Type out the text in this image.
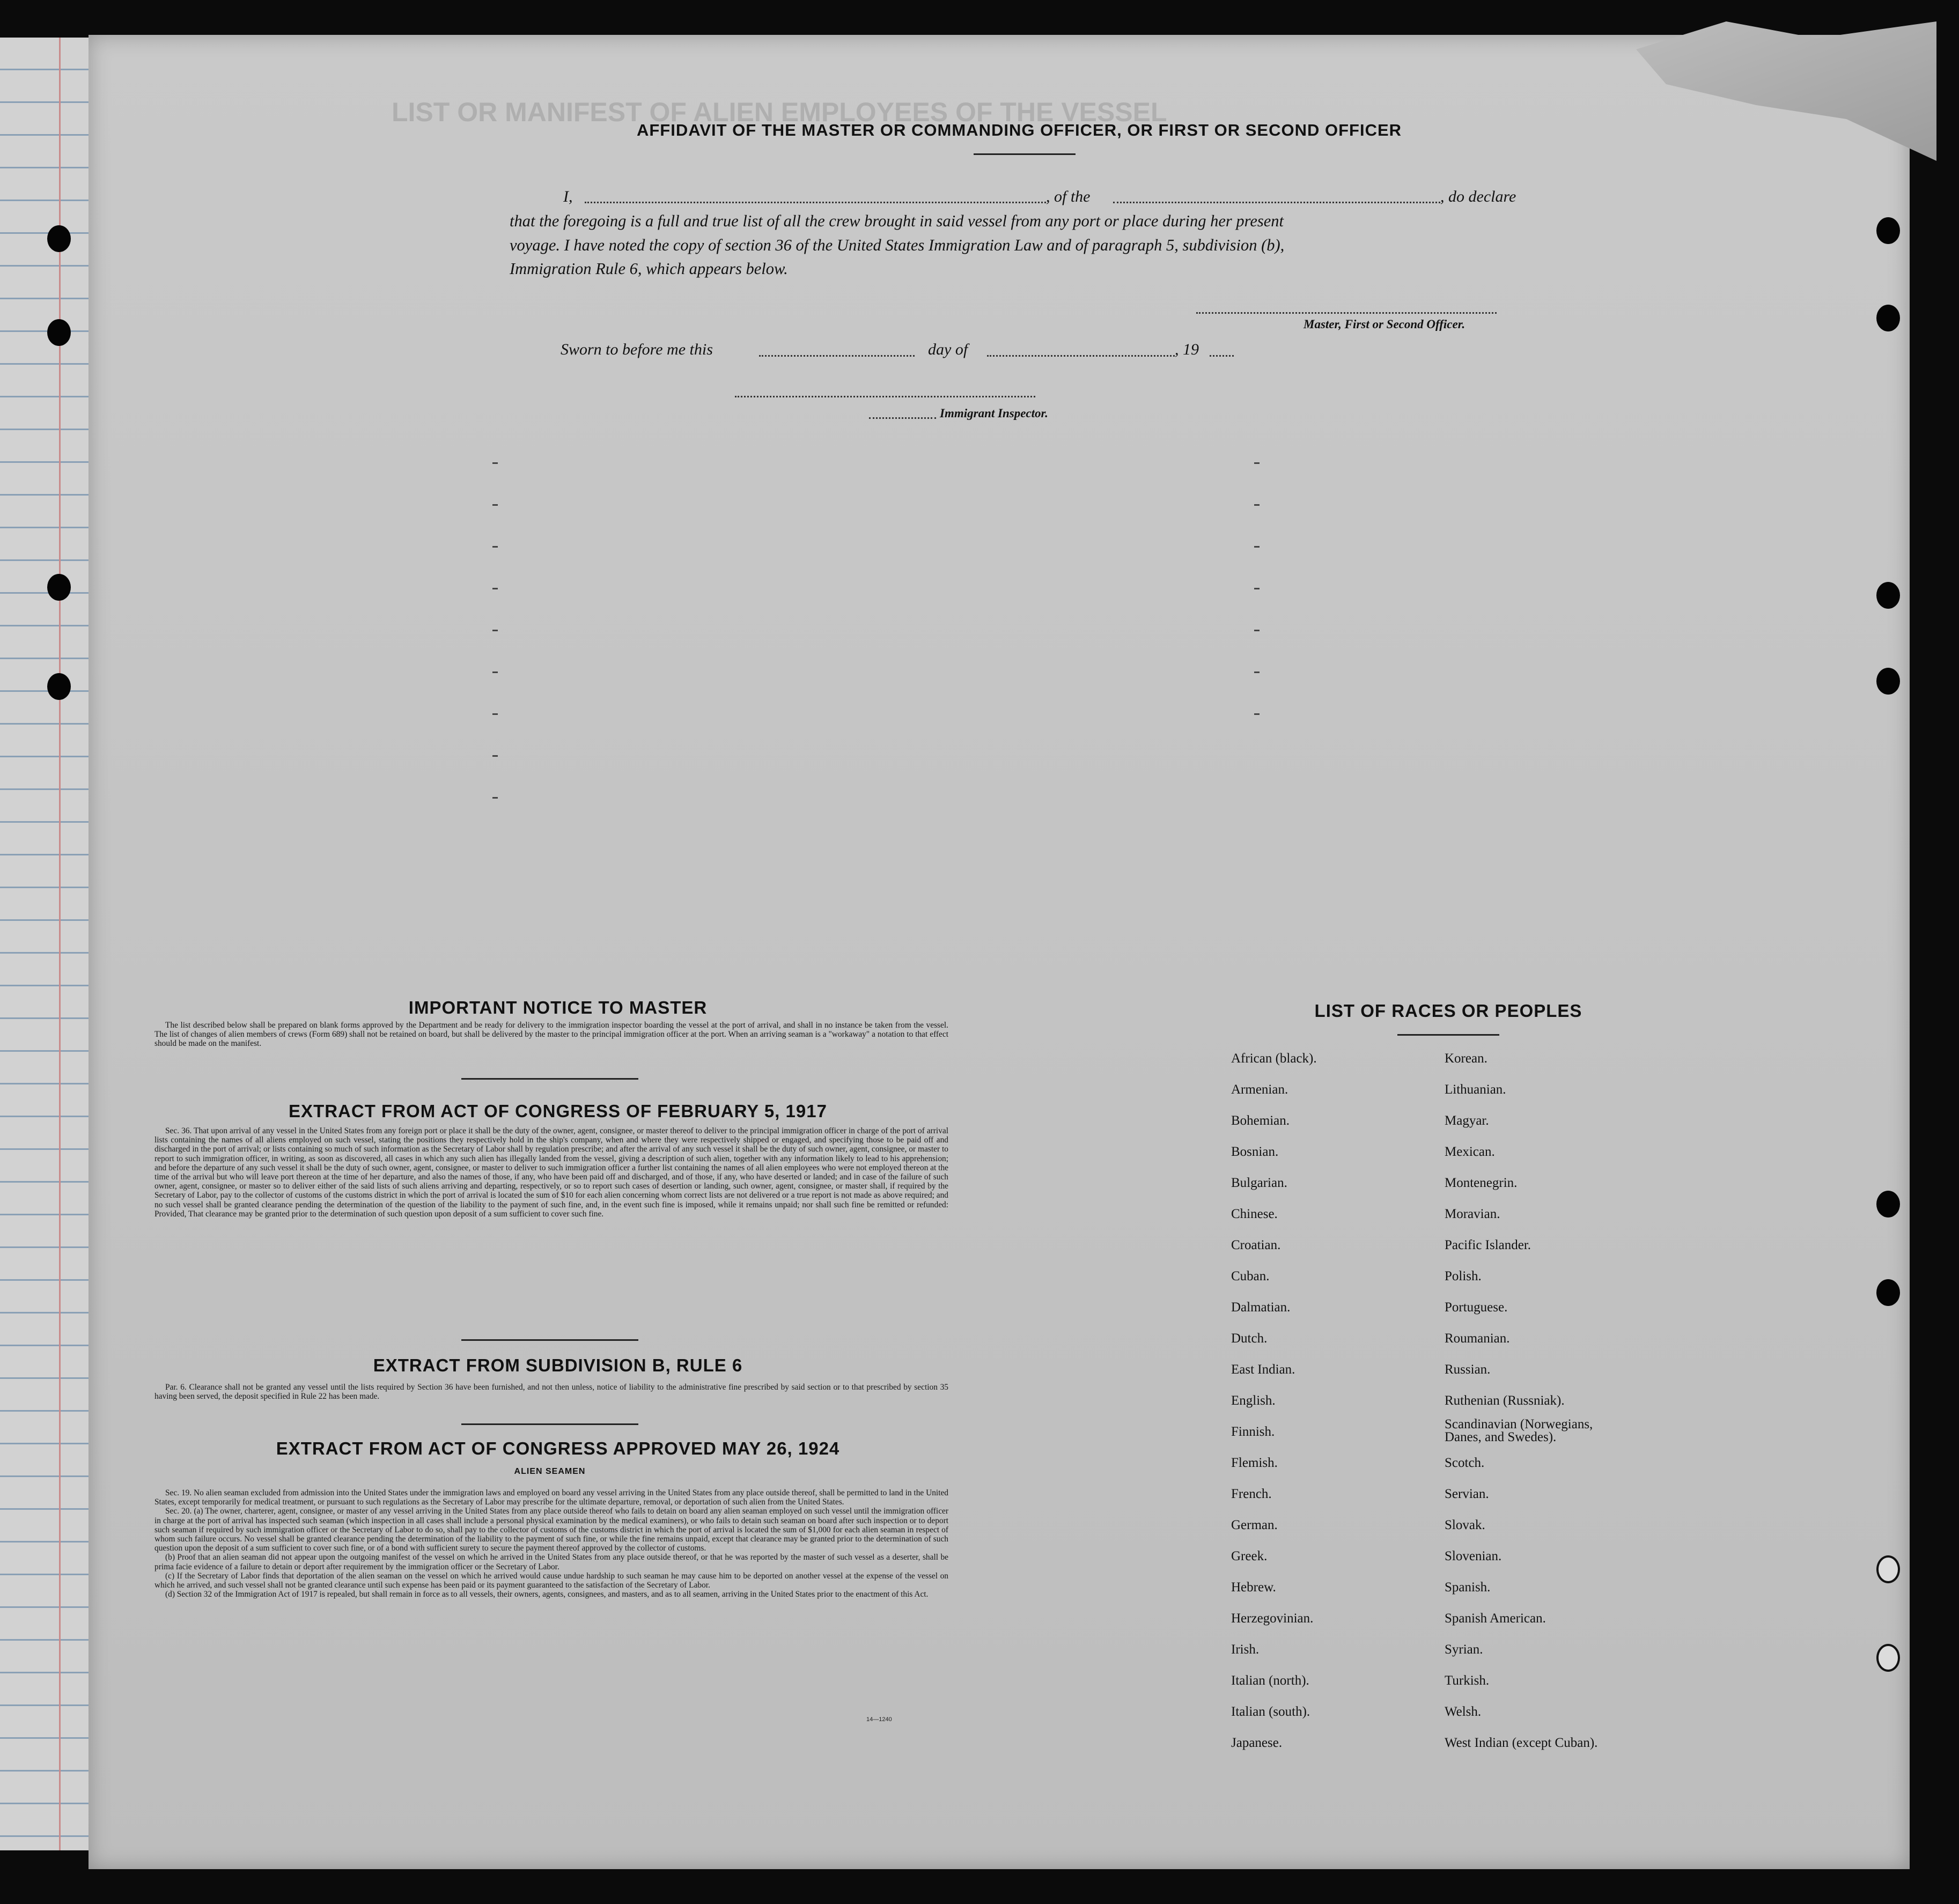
LIST OR MANIFEST OF ALIEN EMPLOYEES OF THE VESSEL
AFFIDAVIT OF THE MASTER OR COMMANDING OFFICER, OR FIRST OR SECOND OFFICER
I,	, of the	, do declare
that the foregoing is a full and true list of all the crew brought in said vessel from any port or place during her present
voyage. I have noted the copy of section 36 of the United States Immigration Law and of paragraph 5, subdivision (b),
Immigration Rule 6, which appears below.
Master, First or Second Officer.
Sworn to before me this	day of	, 19
Immigrant Inspector.
IMPORTANT NOTICE TO MASTER

The list described below shall be prepared on blank forms approved by the Department and be ready for delivery to the immigration inspector boarding the vessel at the port of arrival, and shall in no instance be taken from the vessel. The list of changes of alien members of crews (Form 689) shall not be retained on board, but shall be delivered by the master to the principal immigration officer at the port. When an arriving seaman is a "workaway" a notation to that effect should be made on the manifest.

EXTRACT FROM ACT OF CONGRESS OF FEBRUARY 5, 1917

Sec. 36. That upon arrival of any vessel in the United States from any foreign port or place it shall be the duty of the owner, agent, consignee, or master thereof to deliver to the principal immigration officer in charge of the port of arrival lists containing the names of all aliens employed on such vessel, stating the positions they respectively hold in the ship's company, when and where they were respectively shipped or engaged, and specifying those to be paid off and discharged in the port of arrival; or lists containing so much of such information as the Secretary of Labor shall by regulation prescribe; and after the arrival of any such vessel it shall be the duty of such owner, agent, consignee, or master to report to such immigration officer, in writing, as soon as discovered, all cases in which any such alien has illegally landed from the vessel, giving a description of such alien, together with any information likely to lead to his apprehension; and before the departure of any such vessel it shall be the duty of such owner, agent, consignee, or master to deliver to such immigration officer a further list containing the names of all alien employees who were not employed thereon at the time of the arrival but who will leave port thereon at the time of her departure, and also the names of those, if any, who have been paid off and discharged, and of those, if any, who have deserted or landed; and in case of the failure of such owner, agent, consignee, or master so to deliver either of the said lists of such aliens arriving and departing, respectively, or so to report such cases of desertion or landing, such owner, agent, consignee, or master shall, if required by the Secretary of Labor, pay to the collector of customs of the customs district in which the port of arrival is located the sum of $10 for each alien concerning whom correct lists are not delivered or a true report is not made as above required; and no such vessel shall be granted clearance pending the determination of the question of the liability to the payment of such fine, and, in the event such fine is imposed, while it remains unpaid; nor shall such fine be remitted or refunded: Provided, That clearance may be granted prior to the determination of such question upon deposit of a sum sufficient to cover such fine.

EXTRACT FROM SUBDIVISION B, RULE 6

Par. 6. Clearance shall not be granted any vessel until the lists required by Section 36 have been furnished, and not then unless, notice of liability to the administrative fine prescribed by said section or to that prescribed by section 35 having been served, the deposit specified in Rule 22 has been made.

EXTRACT FROM ACT OF CONGRESS APPROVED MAY 26, 1924
ALIEN SEAMEN

Sec. 19. No alien seaman excluded from admission into the United States under the immigration laws and employed on board any vessel arriving in the United States from any place outside thereof, shall be permitted to land in the United States, except temporarily for medical treatment, or pursuant to such regulations as the Secretary of Labor may prescribe for the ultimate departure, removal, or deportation of such alien from the United States.

Sec. 20. (a) The owner, charterer, agent, consignee, or master of any vessel arriving in the United States from any place outside thereof who fails to detain on board any alien seaman employed on such vessel until the immigration officer in charge at the port of arrival has inspected such seaman (which inspection in all cases shall include a personal physical examination by the medical examiners), or who fails to detain such seaman on board after such inspection or to deport such seaman if required by such immigration officer or the Secretary of Labor to do so, shall pay to the collector of customs of the customs district in which the port of arrival is located the sum of $1,000 for each alien seaman in respect of whom such failure occurs. No vessel shall be granted clearance pending the determination of the liability to the payment of such fine, or while the fine remains unpaid, except that clearance may be granted prior to the determination of such question upon the deposit of a sum sufficient to cover such fine, or of a bond with sufficient surety to secure the payment thereof approved by the collector of customs.

(b) Proof that an alien seaman did not appear upon the outgoing manifest of the vessel on which he arrived in the United States from any place outside thereof, or that he was reported by the master of such vessel as a deserter, shall be prima facie evidence of a failure to detain or deport after requirement by the immigration officer or the Secretary of Labor.

(c) If the Secretary of Labor finds that deportation of the alien seaman on the vessel on which he arrived would cause undue hardship to such seaman he may cause him to be deported on another vessel at the expense of the vessel on which he arrived, and such vessel shall not be granted clearance until such expense has been paid or its payment guaranteed to the satisfaction of the Secretary of Labor.

(d) Section 32 of the Immigration Act of 1917 is repealed, but shall remain in force as to all vessels, their owners, agents, consignees, and masters, and as to all seamen, arriving in the United States prior to the enactment of this Act.

14—1240
LIST OF RACES OR PEOPLES
African (black).
Armenian.
Bohemian.
Bosnian.
Bulgarian.
Chinese.
Croatian.
Cuban.
Dalmatian.
Dutch.
East Indian.
English.
Finnish.
Flemish.
French.
German.
Greek.
Hebrew.
Herzegovinian.
Irish.
Italian (north).
Italian (south).
Japanese.
Korean.
Lithuanian.
Magyar.
Mexican.
Montenegrin.
Moravian.
Pacific Islander.
Polish.
Portuguese.
Roumanian.
Russian.
Ruthenian (Russniak).
Scandinavian (Norwegians, Danes, and Swedes).
Scotch.
Servian.
Slovak.
Slovenian.
Spanish.
Spanish American.
Syrian.
Turkish.
Welsh.
West Indian (except Cuban).
